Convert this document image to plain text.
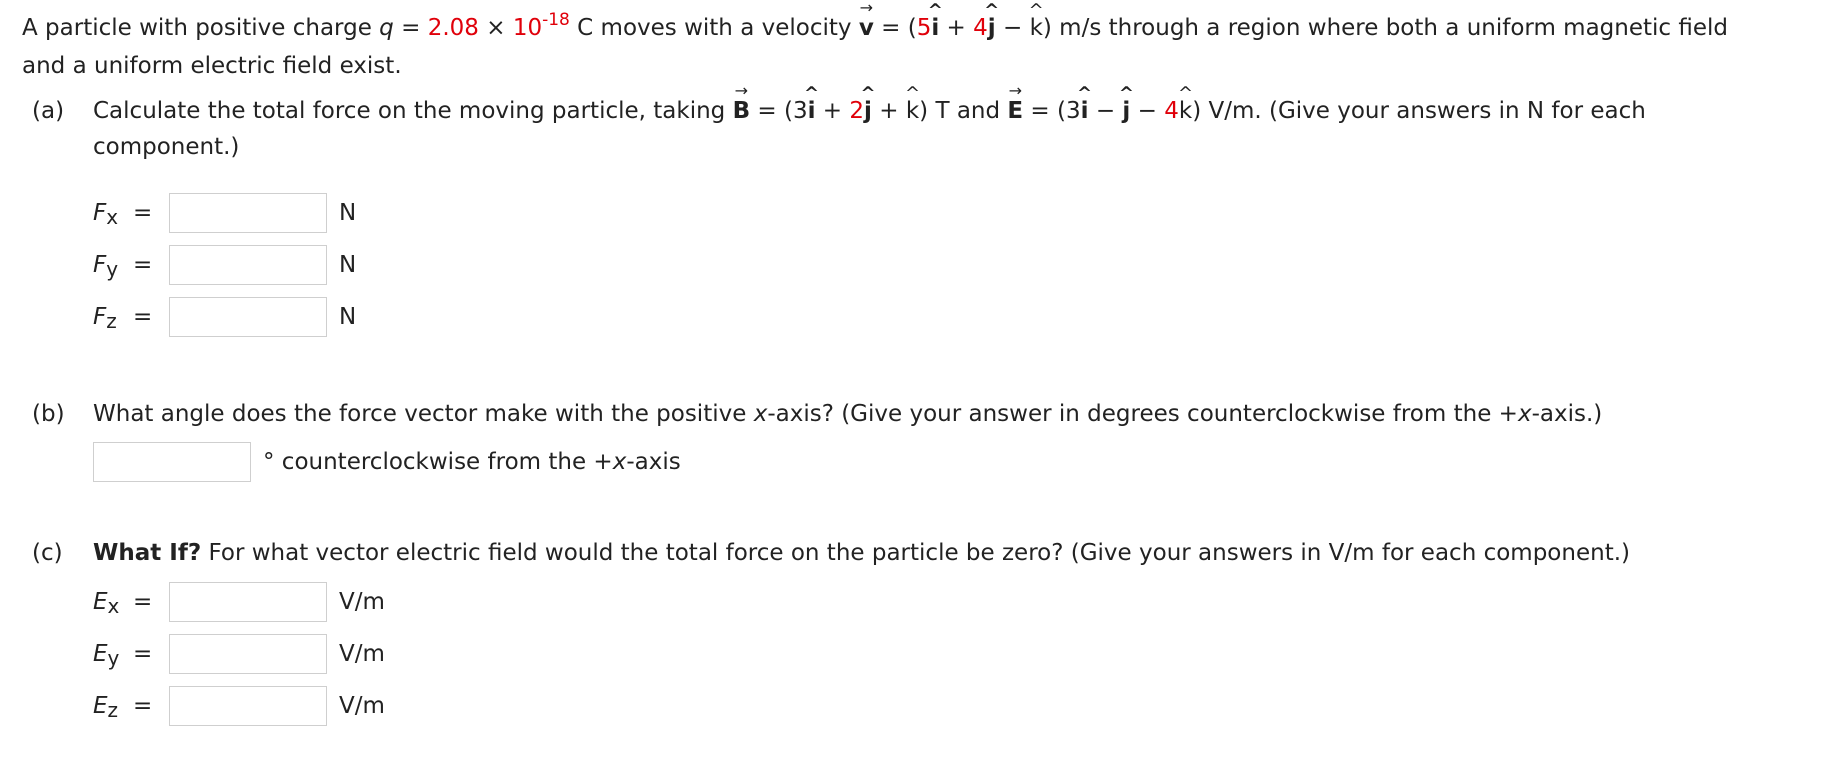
A particle with positive charge $q = 2.08 \times 10^{-18}$ C moves with a velocity
→
v = (5
^
i + 4
^
j −
^
k) m/s through a region where both a uniform magnetic field
and a uniform electric field exist.
(a) Calculate the total force on the moving particle, taking
→
B = (3
^
i + 2
^
j +
^
k) T and
→
E = (3
^
i −
^
j − 4
^
k) V/m. (Give your answers in N for each
component.)
$F_x$ =	N
$F_y$ =	N
$F_z$ =	N
(b) What angle does the force vector make with the positive x-axis? (Give your answer in degrees counterclockwise from the +x-axis.)
° counterclockwise from the +x-axis
(c) What If? For what vector electric field would the total force on the particle be zero? (Give your answers in V/m for each component.)
$E_x$ =	V/m
$E_y$ =	V/m
$E_z$ =	V/m
